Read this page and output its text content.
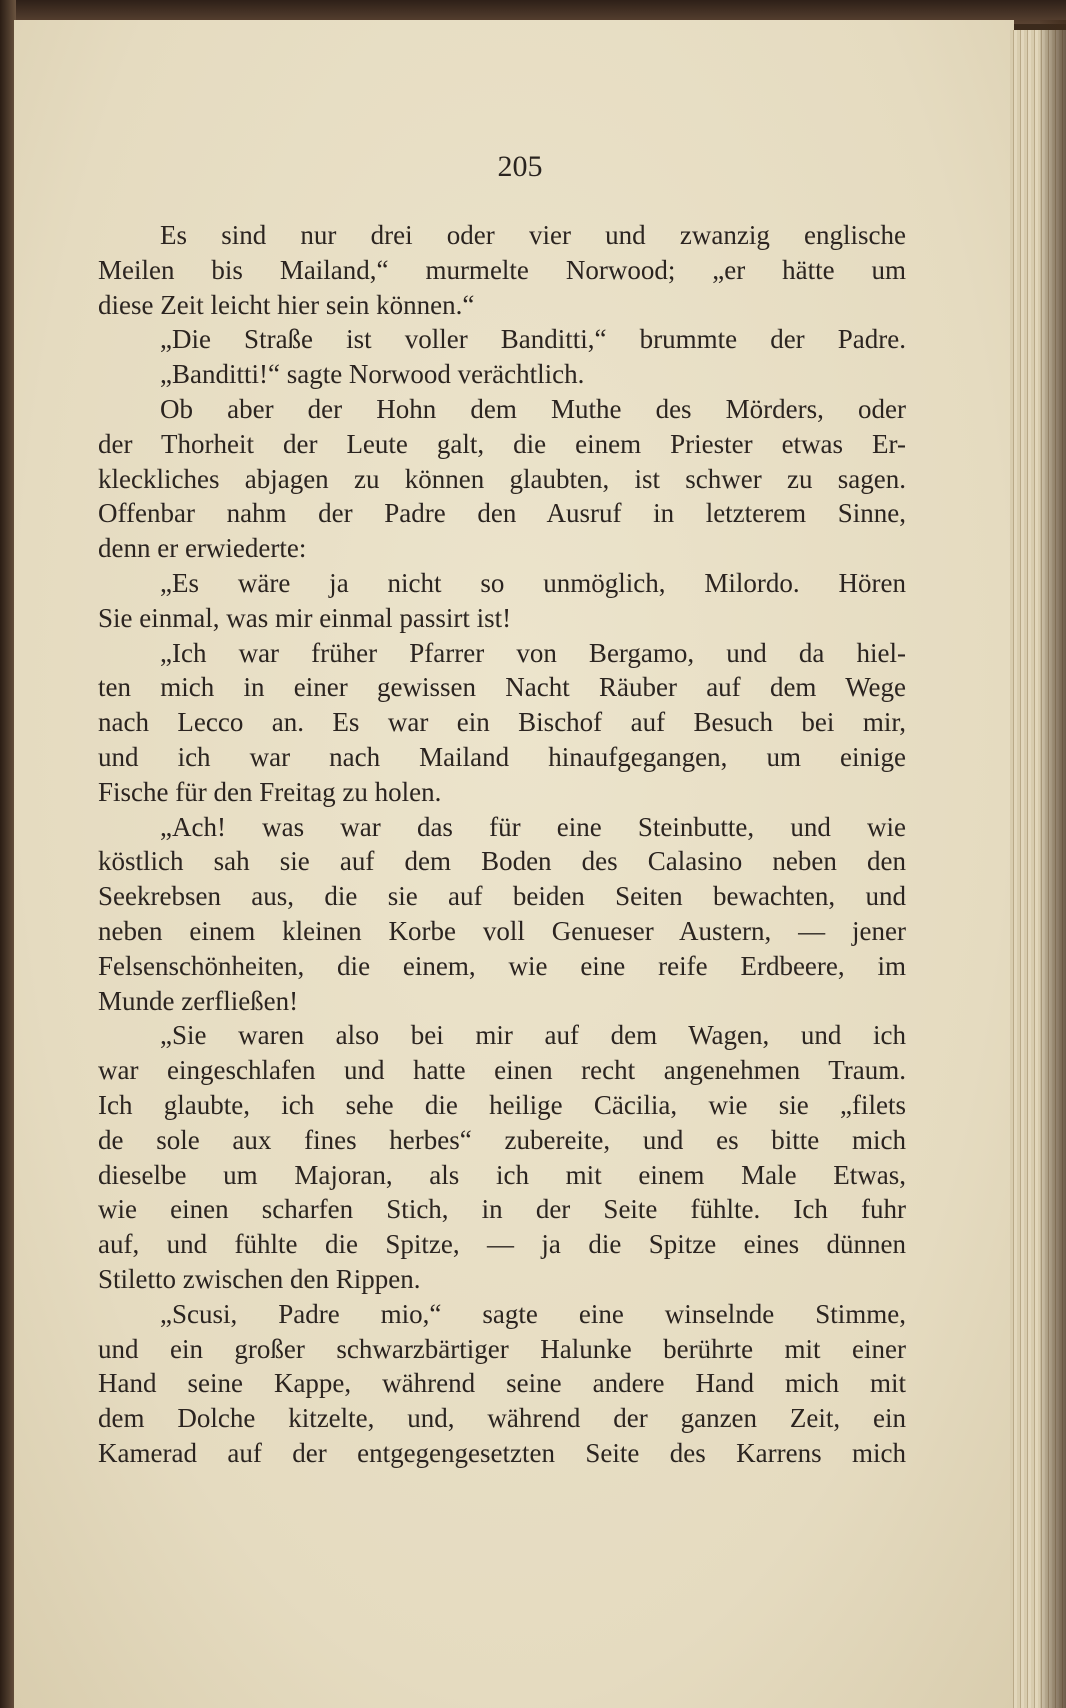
205
Es sind nur drei oder vier und zwanzig englische
Meilen bis Mailand,“ murmelte Norwood; „er hätte um
diese Zeit leicht hier sein können.“
„Die Straße ist voller Banditti,“ brummte der Padre.
„Banditti!“ sagte Norwood verächtlich.
Ob aber der Hohn dem Muthe des Mörders, oder
der Thorheit der Leute galt, die einem Priester etwas Er-
kleckliches abjagen zu können glaubten, ist schwer zu sagen.
Offenbar nahm der Padre den Ausruf in letzterem Sinne,
denn er erwiederte:
„Es wäre ja nicht so unmöglich, Milordo. Hören
Sie einmal, was mir einmal passirt ist!
„Ich war früher Pfarrer von Bergamo, und da hiel-
ten mich in einer gewissen Nacht Räuber auf dem Wege
nach Lecco an. Es war ein Bischof auf Besuch bei mir,
und ich war nach Mailand hinaufgegangen, um einige
Fische für den Freitag zu holen.
„Ach! was war das für eine Steinbutte, und wie
köstlich sah sie auf dem Boden des Calasino neben den
Seekrebsen aus, die sie auf beiden Seiten bewachten, und
neben einem kleinen Korbe voll Genueser Austern, — jener
Felsenschönheiten, die einem, wie eine reife Erdbeere, im
Munde zerfließen!
„Sie waren also bei mir auf dem Wagen, und ich
war eingeschlafen und hatte einen recht angenehmen Traum.
Ich glaubte, ich sehe die heilige Cäcilia, wie sie „filets
de sole aux fines herbes“ zubereite, und es bitte mich
dieselbe um Majoran, als ich mit einem Male Etwas,
wie einen scharfen Stich, in der Seite fühlte. Ich fuhr
auf, und fühlte die Spitze, — ja die Spitze eines dünnen
Stiletto zwischen den Rippen.
„Scusi, Padre mio,“ sagte eine winselnde Stimme,
und ein großer schwarzbärtiger Halunke berührte mit einer
Hand seine Kappe, während seine andere Hand mich mit
dem Dolche kitzelte, und, während der ganzen Zeit, ein
Kamerad auf der entgegengesetzten Seite des Karrens mich
